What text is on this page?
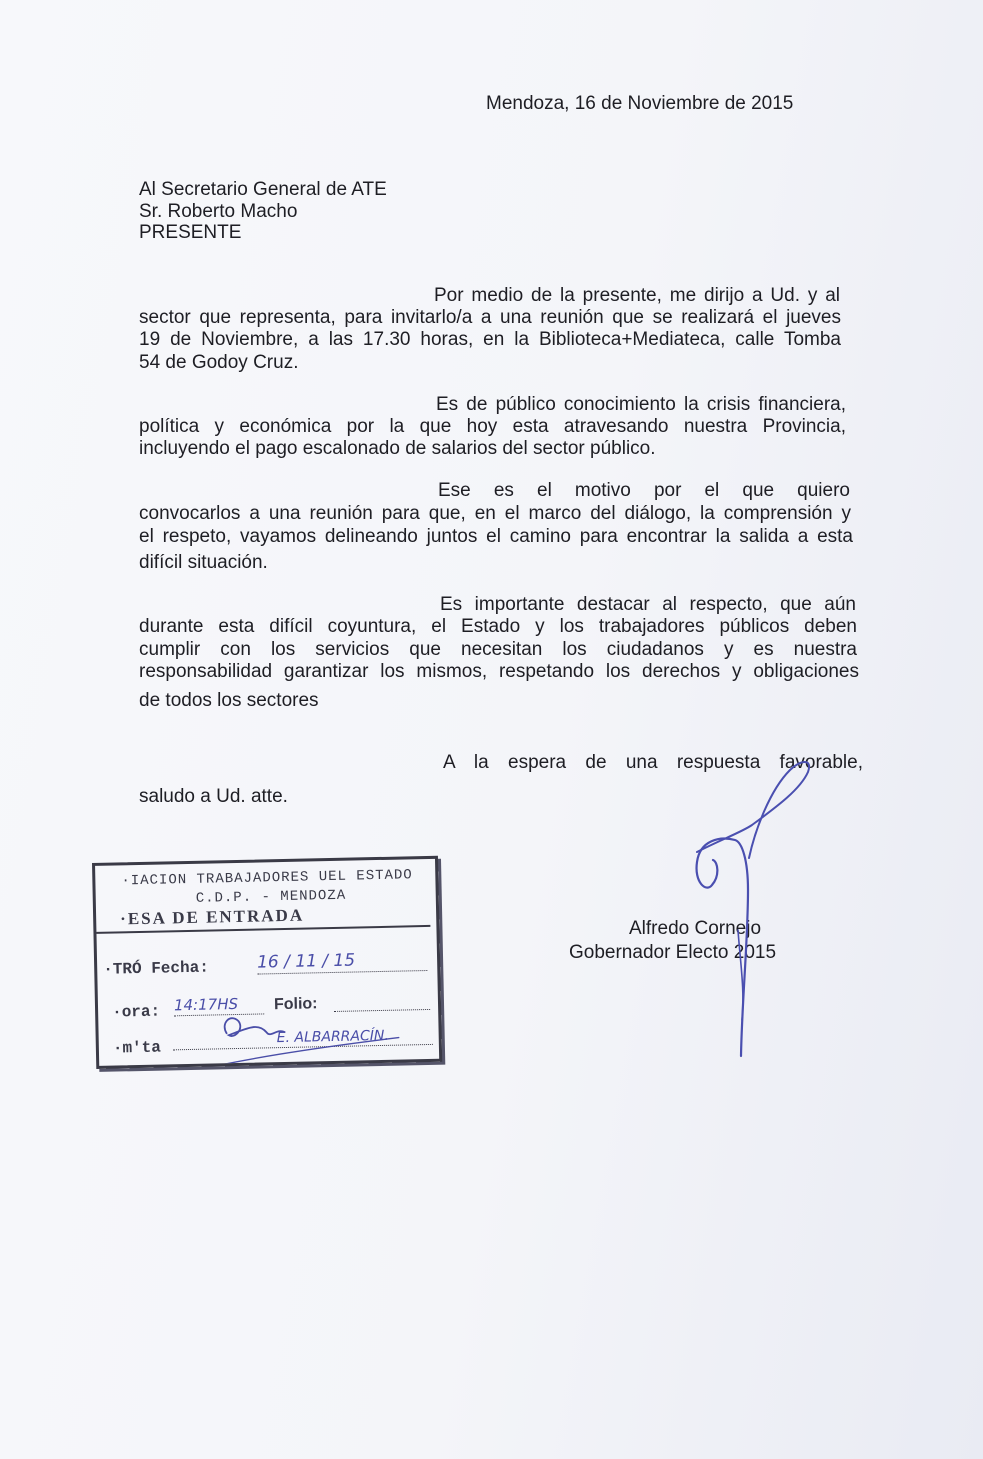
Mendoza, 16 de Noviembre de 2015
Al Secretario General de ATE
Sr. Roberto Macho
PRESENTE
Por medio de la presente, me dirijo a Ud. y al
sector que representa, para invitarlo/a a una reunión que se realizará el jueves
19 de Noviembre, a las 17.30 horas, en la Biblioteca+Mediateca, calle Tomba
54 de Godoy Cruz.
Es de público conocimiento la crisis financiera,
política y económica por la que hoy esta atravesando nuestra Provincia,
incluyendo el pago escalonado de salarios del sector público.
Ese es el motivo por el que quiero
convocarlos a una reunión para que, en el marco del diálogo, la comprensión y
el respeto, vayamos delineando juntos el camino para encontrar la salida a esta
difícil situación.
Es importante destacar al respecto, que aún
durante esta difícil coyuntura, el Estado y los trabajadores públicos deben
cumplir con los servicios que necesitan los ciudadanos y es nuestra
responsabilidad garantizar los mismos, respetando los derechos y obligaciones
de todos los sectores
A la espera de una respuesta favorable,
saludo a Ud. atte.
Alfredo Cornejo
Gobernador Electo 2015
·IACION TRABAJADORES UEL ESTADO
C.D.P. - MENDOZA
·ESA DE ENTRADA
·TRÓ Fecha:	16 / 11 / 15
·ora: 14:17HS	Folio:
·m'ta
E. ALBARRACÍN.
